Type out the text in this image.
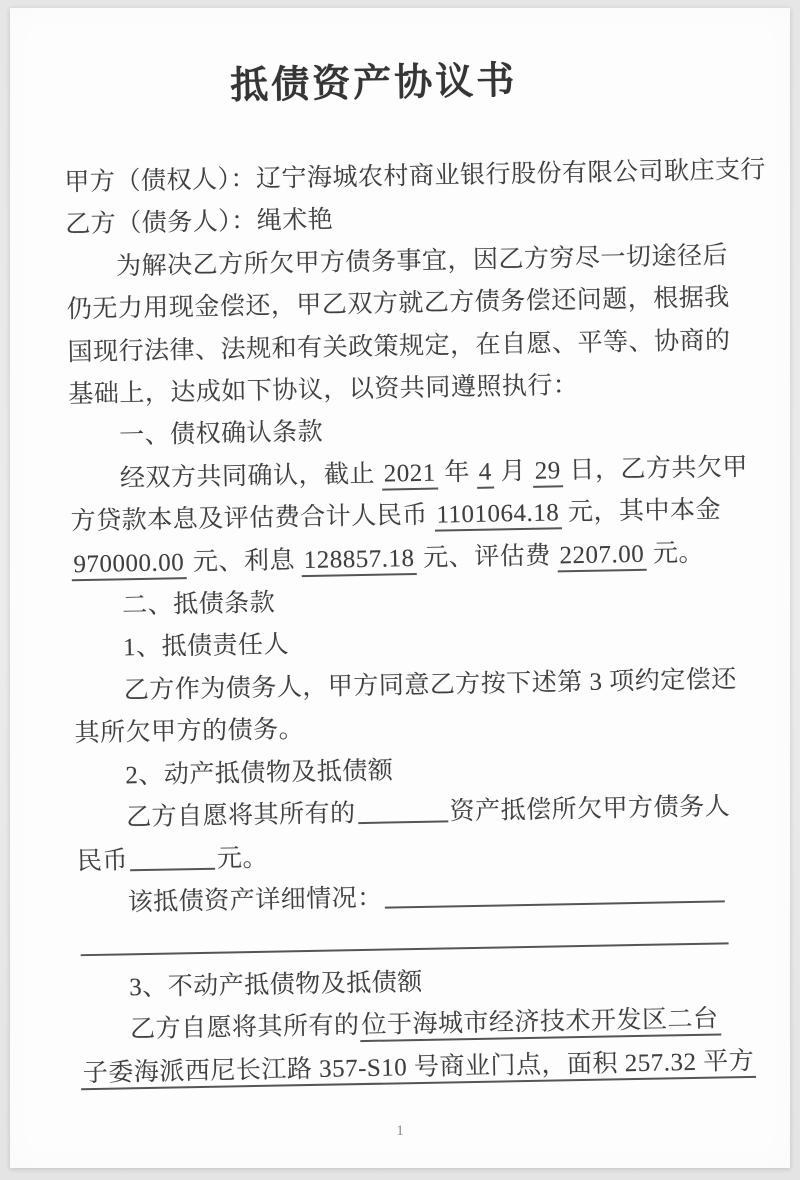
抵债资产协议书
甲方（债权人）：辽宁海城农村商业银行股份有限公司耿庄支行
乙方（债务人）：绳术艳
为解决乙方所欠甲方债务事宜，因乙方穷尽一切途径后
仍无力用现金偿还，甲乙双方就乙方债务偿还问题，根据我
国现行法律、法规和有关政策规定，在自愿、平等、协商的
基础上，达成如下协议，以资共同遵照执行：
一、债权确认条款
经双方共同确认，截止 2021 年 4 月 29 日，乙方共欠甲
方贷款本息及评估费合计人民币 1101064.18 元，其中本金
970000.00 元、利息 128857.18 元、评估费 2207.00 元。
二、抵债条款
1、抵债责任人
乙方作为债务人，甲方同意乙方按下述第 3 项约定偿还
其所欠甲方的债务。
2、动产抵债物及抵债额
乙方自愿将其所有的	资产抵偿所欠甲方债务人
民币	元。
该抵债资产详细情况：
3、不动产抵债物及抵债额
乙方自愿将其所有的位于海城市经济技术开发区二台
子委海派西尼长江路 357-S10 号商业门点，面积 257.32 平方
1
